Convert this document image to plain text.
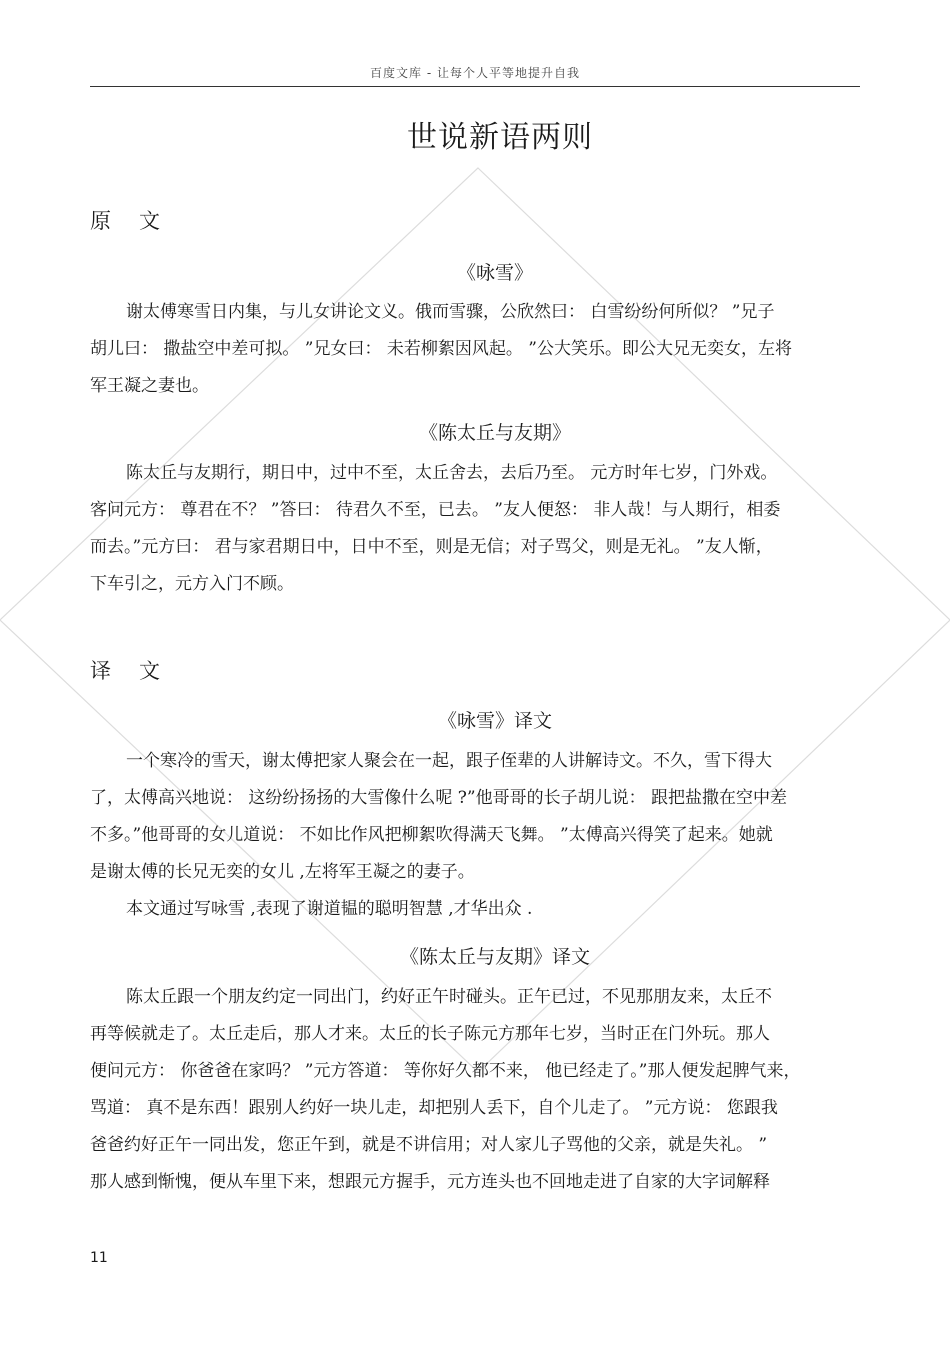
百度文库 - 让每个人平等地提升自我
世说新语两则
原 文
《咏雪》
谢太傅寒雪日内集，与儿女讲论文义。俄而雪骤，公欣然曰： 白雪纷纷何所似？ ”兄子
胡儿曰： 撒盐空中差可拟。 ”兄女曰： 未若柳絮因风起。 ”公大笑乐。即公大兄无奕女，左将
军王凝之妻也。
《陈太丘与友期》
陈太丘与友期行，期日中，过中不至，太丘舍去，去后乃至。 元方时年七岁，门外戏。
客问元方： 尊君在不？ ”答曰： 待君久不至，已去。 ”友人便怒： 非人哉！与人期行，相委
而去。”元方曰： 君与家君期日中，日中不至，则是无信；对子骂父，则是无礼。 ”友人惭，
下车引之，元方入门不顾。
译 文
《咏雪》译文
一个寒冷的雪天，谢太傅把家人聚会在一起，跟子侄辈的人讲解诗文。不久，雪下得大
了，太傅高兴地说： 这纷纷扬扬的大雪像什么呢 ?”他哥哥的长子胡儿说： 跟把盐撒在空中差
不多。”他哥哥的女儿道说： 不如比作风把柳絮吹得满天飞舞。 ”太傅高兴得笑了起来。她就
是谢太傅的长兄无奕的女儿 ,左将军王凝之的妻子。
本文通过写咏雪 ,表现了谢道韫的聪明智慧 ,才华出众 .
《陈太丘与友期》译文
陈太丘跟一个朋友约定一同出门，约好正午时碰头。正午已过，不见那朋友来，太丘不
再等候就走了。太丘走后，那人才来。太丘的长子陈元方那年七岁，当时正在门外玩。那人
便问元方： 你爸爸在家吗？ ”元方答道： 等你好久都不来， 他已经走了。”那人便发起脾气来，
骂道： 真不是东西！跟别人约好一块儿走，却把别人丢下，自个儿走了。 ”元方说： 您跟我
爸爸约好正午一同出发，您正午到，就是不讲信用；对人家儿子骂他的父亲，就是失礼。 ”
那人感到惭愧，便从车里下来，想跟元方握手，元方连头也不回地走进了自家的大字词解释
11
